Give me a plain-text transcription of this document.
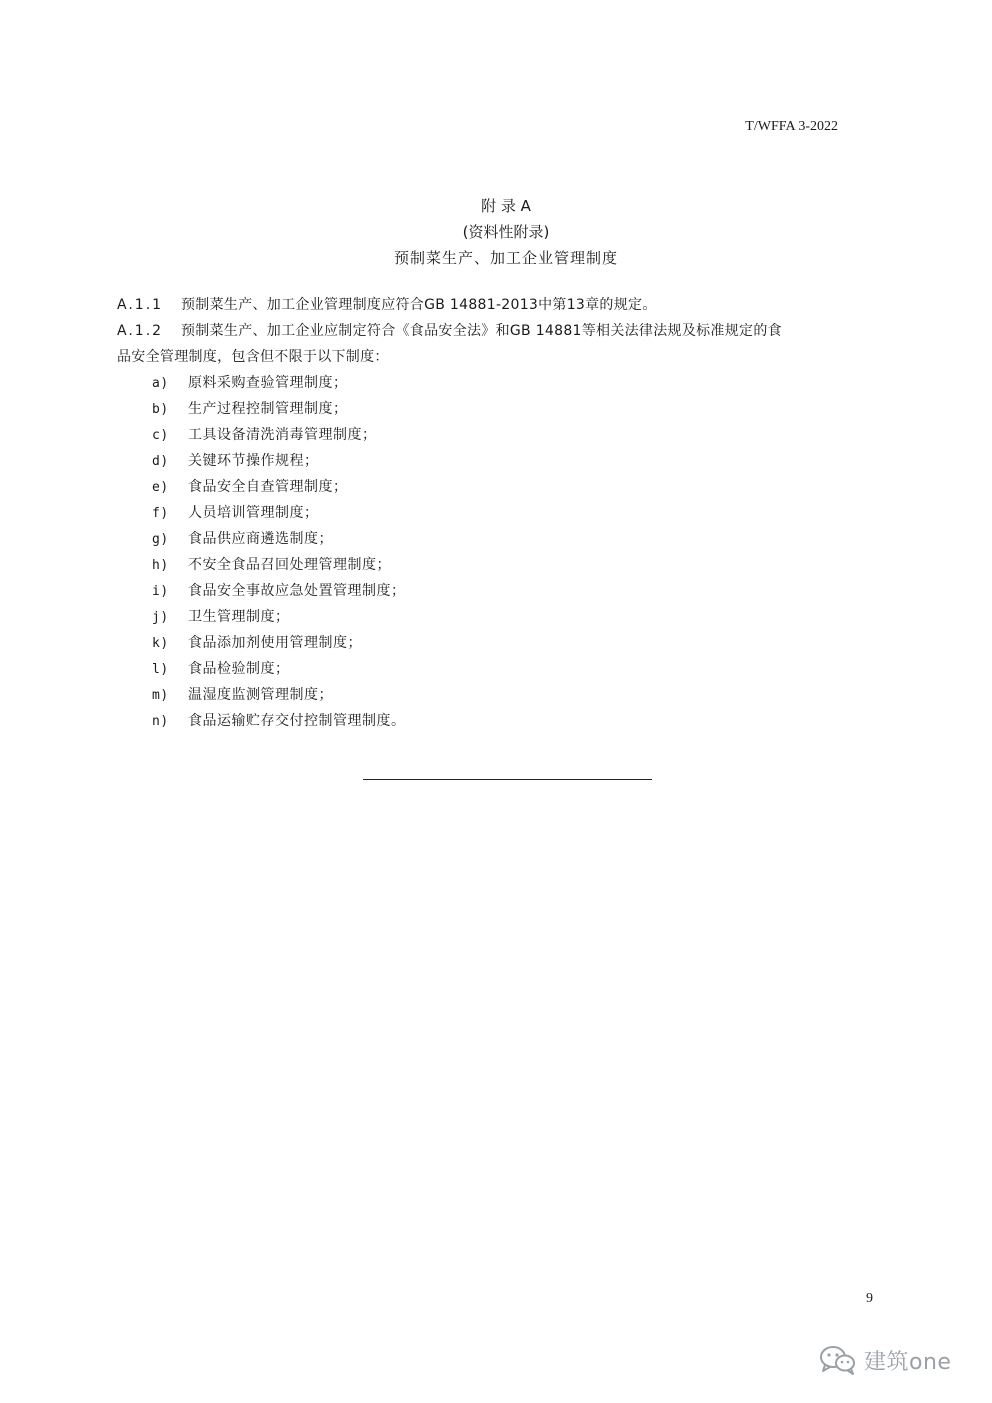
T/WFFA 3-2022
附 录 A
(资料性附录)
预制菜生产、加工企业管理制度
A.1.1 预制菜生产、加工企业管理制度应符合GB 14881-2013中第13章的规定。
A.1.2 预制菜生产、加工企业应制定符合《食品安全法》和GB 14881等相关法律法规及标准规定的食
品安全管理制度，包含但不限于以下制度：
a) 原料采购查验管理制度；
b) 生产过程控制管理制度；
c) 工具设备清洗消毒管理制度；
d) 关键环节操作规程；
e) 食品安全自查管理制度；
f) 人员培训管理制度；
g) 食品供应商遴选制度；
h) 不安全食品召回处理管理制度；
i) 食品安全事故应急处置管理制度；
j) 卫生管理制度；
k) 食品添加剂使用管理制度；
l) 食品检验制度；
m) 温湿度监测管理制度；
n) 食品运输贮存交付控制管理制度。
9
建筑one
